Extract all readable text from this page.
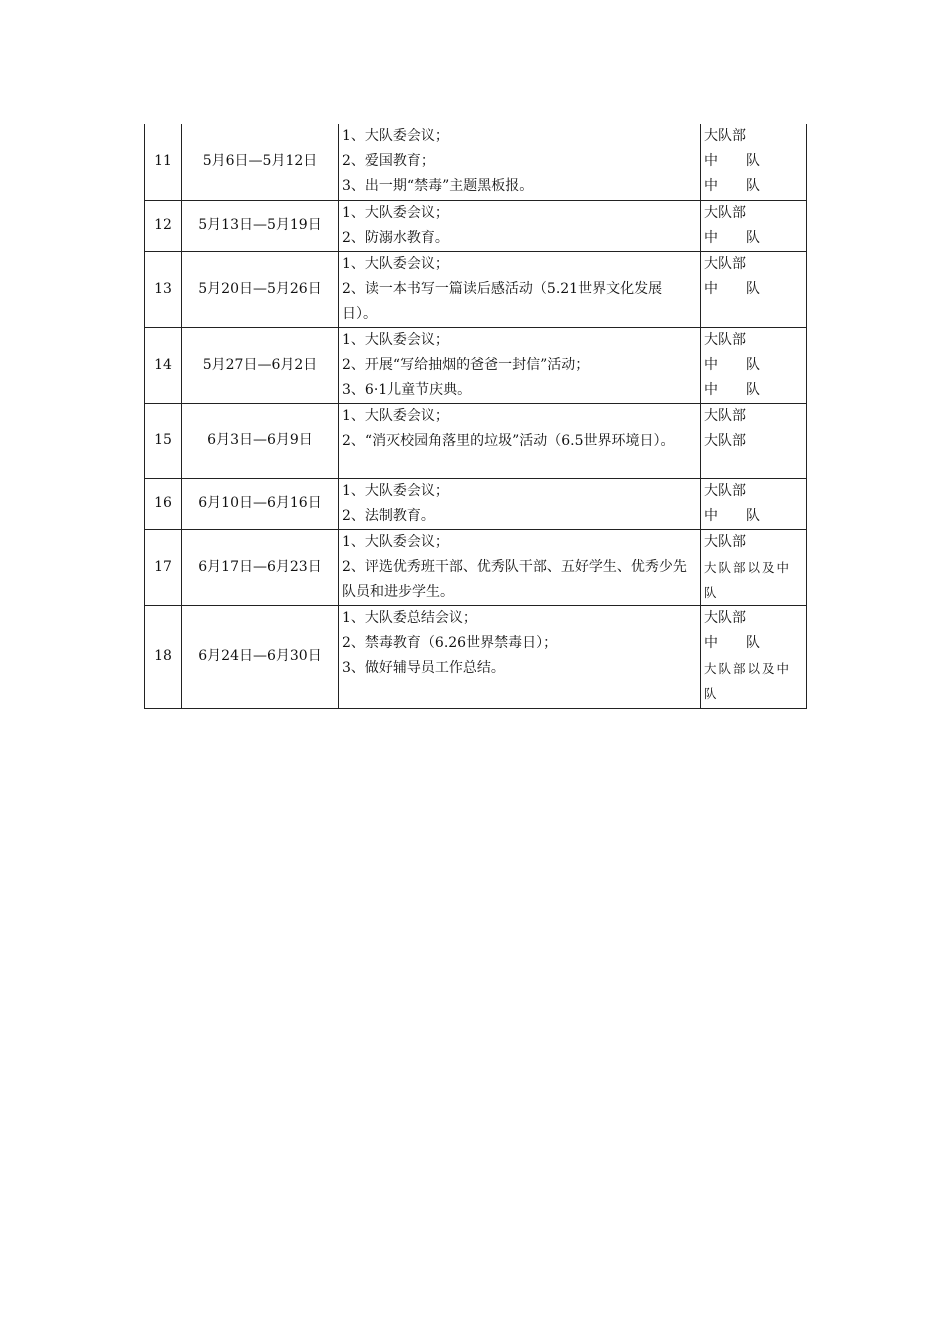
11	5月6日—5月12日	1、大队委会议；
2、爱国教育；
3、出一期“禁毒”主题黑板报。	大队部
中　　队
中　　队

12	5月13日—5月19日	1、大队委会议；
2、防溺水教育。	大队部
中　　队

13	5月20日—5月26日	1、大队委会议；
2、读一本书写一篇读后感活动（5.21世界文化发展日）。	大队部
中　　队

14	5月27日—6月2日	1、大队委会议；
2、开展“写给抽烟的爸爸一封信”活动；
3、6·1儿童节庆典。	大队部
中　　队
中　　队

15	6月3日—6月9日	1、大队委会议；
2、“消灭校园角落里的垃圾”活动（6.5世界环境日）。	大队部
大队部

16	6月10日—6月16日	1、大队委会议；
2、法制教育。	大队部
中　　队

17	6月17日—6月23日	1、大队委会议；
2、评选优秀班干部、优秀队干部、五好学生、优秀少先队员和进步学生。	大队部
大队部以及中队

18	6月24日—6月30日	1、大队委总结会议；
2、禁毒教育（6.26世界禁毒日）；
3、做好辅导员工作总结。	大队部
中　　队
大队部以及中队
